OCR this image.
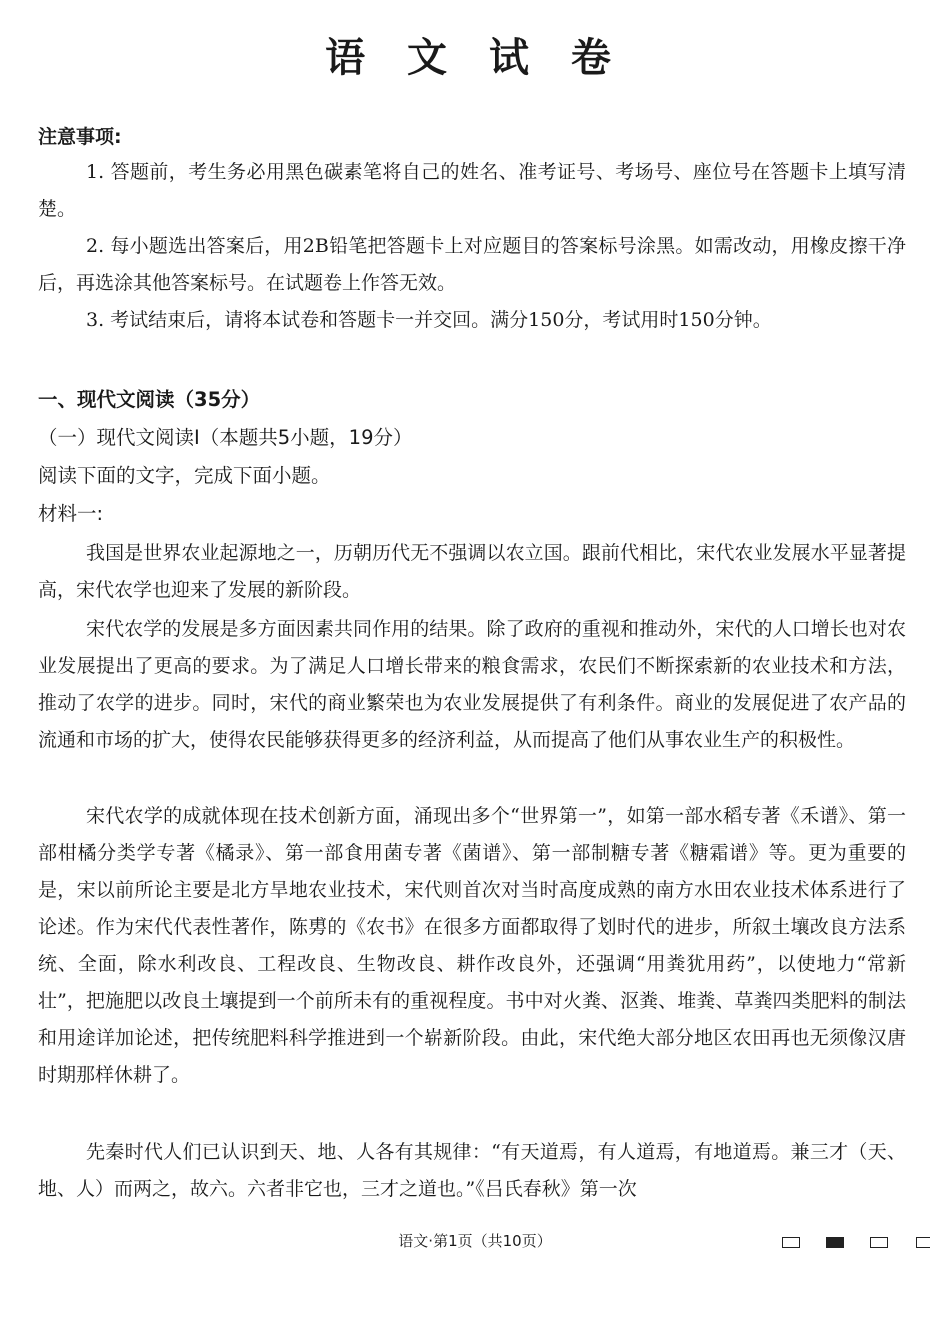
语 文 试 卷
注意事项:
1. 答题前，考生务必用黑色碳素笔将自己的姓名、准考证号、考场号、座位号在答题卡上填写清楚。
2. 每小题选出答案后，用2B铅笔把答题卡上对应题目的答案标号涂黑。如需改动，用橡皮擦干净后，再选涂其他答案标号。在试题卷上作答无效。
3. 考试结束后，请将本试卷和答题卡一并交回。满分150分，考试用时150分钟。
一、现代文阅读（35分）
（一）现代文阅读Ⅰ（本题共5小题，19分）
阅读下面的文字，完成下面小题。
材料一:
我国是世界农业起源地之一，历朝历代无不强调以农立国。跟前代相比，宋代农业发展水平显著提高，宋代农学也迎来了发展的新阶段。
宋代农学的发展是多方面因素共同作用的结果。除了政府的重视和推动外，宋代的人口增长也对农业发展提出了更高的要求。为了满足人口增长带来的粮食需求，农民们不断探索新的农业技术和方法，推动了农学的进步。同时，宋代的商业繁荣也为农业发展提供了有利条件。商业的发展促进了农产品的流通和市场的扩大，使得农民能够获得更多的经济利益，从而提高了他们从事农业生产的积极性。
宋代农学的成就体现在技术创新方面，涌现出多个“世界第一”，如第一部水稻专著《禾谱》、第一部柑橘分类学专著《橘录》、第一部食用菌专著《菌谱》、第一部制糖专著《糖霜谱》等。更为重要的是，宋以前所论主要是北方旱地农业技术，宋代则首次对当时高度成熟的南方水田农业技术体系进行了论述。作为宋代代表性著作，陈旉的《农书》在很多方面都取得了划时代的进步，所叙土壤改良方法系统、全面，除水利改良、工程改良、生物改良、耕作改良外，还强调“用粪犹用药”，以使地力“常新壮”，把施肥以改良土壤提到一个前所未有的重视程度。书中对火粪、沤粪、堆粪、草粪四类肥料的制法和用途详加论述，把传统肥料科学推进到一个崭新阶段。由此，宋代绝大部分地区农田再也无须像汉唐时期那样休耕了。
先秦时代人们已认识到天、地、人各有其规律：“有天道焉，有人道焉，有地道焉。兼三才（天、地、人）而两之，故六。六者非它也，三才之道也。”《吕氏春秋》第一次
语文·第1页（共10页）
